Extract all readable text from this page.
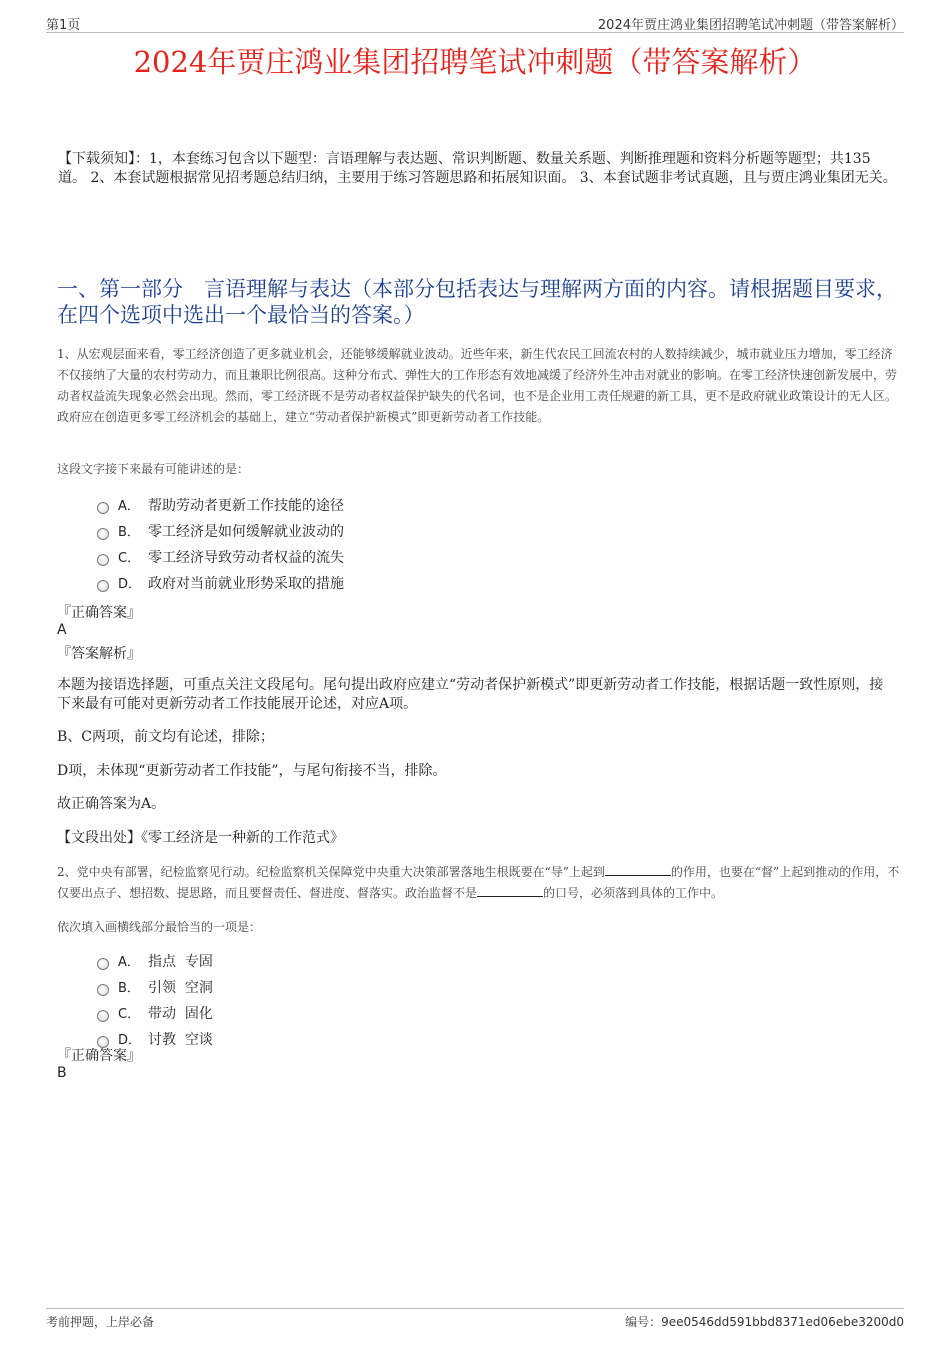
第1页	2024年贾庄鸿业集团招聘笔试冲刺题（带答案解析）
2024年贾庄鸿业集团招聘笔试冲刺题（带答案解析）
【下载须知】：1，本套练习包含以下题型：言语理解与表达题、常识判断题、数量关系题、判断推理题和资料分析题等题型；共135道。 2、本套试题根据常见招考题总结归纳，主要用于练习答题思路和拓展知识面。 3、本套试题非考试真题，且与贾庄鸿业集团无关。
一、第一部分　言语理解与表达（本部分包括表达与理解两方面的内容。请根据题目要求，在四个选项中选出一个最恰当的答案。）
1、从宏观层面来看，零工经济创造了更多就业机会，还能够缓解就业波动。近些年来，新生代农民工回流农村的人数持续减少，城市就业压力增加，零工经济不仅接纳了大量的农村劳动力，而且兼职比例很高。这种分布式、弹性大的工作形态有效地减缓了经济外生冲击对就业的影响。在零工经济快速创新发展中，劳动者权益流失现象必然会出现。然而，零工经济既不是劳动者权益保护缺失的代名词，也不是企业用工责任规避的新工具，更不是政府就业政策设计的无人区。政府应在创造更多零工经济机会的基础上，建立“劳动者保护新模式”即更新劳动者工作技能。
这段文字接下来最有可能讲述的是：
A． 帮助劳动者更新工作技能的途径
B． 零工经济是如何缓解就业波动的
C． 零工经济导致劳动者权益的流失
D． 政府对当前就业形势采取的措施
『正确答案』
A
『答案解析』
本题为接语选择题，可重点关注文段尾句。尾句提出政府应建立“劳动者保护新模式”即更新劳动者工作技能，根据话题一致性原则，接下来最有可能对更新劳动者工作技能展开论述，对应A项。
B、C两项，前文均有论述，排除；
D项，未体现“更新劳动者工作技能”，与尾句衔接不当，排除。
故正确答案为A。
【文段出处】《零工经济是一种新的工作范式》
2、党中央有部署，纪检监察见行动。纪检监察机关保障党中央重大决策部署落地生根既要在“导”上起到	的作用，也要在“督”上起到推动的作用，不仅要出点子、想招数、提思路，而且要督责任、督进度、督落实。政治监督不是	的口号，必须落到具体的工作中。
依次填入画横线部分最恰当的一项是：
A． 指点  专固
B． 引领  空洞
C． 带动  固化
D． 讨教  空谈
『正确答案』
B
考前押题，上岸必备	编号：9ee0546dd591bbd8371ed06ebe3200d0
